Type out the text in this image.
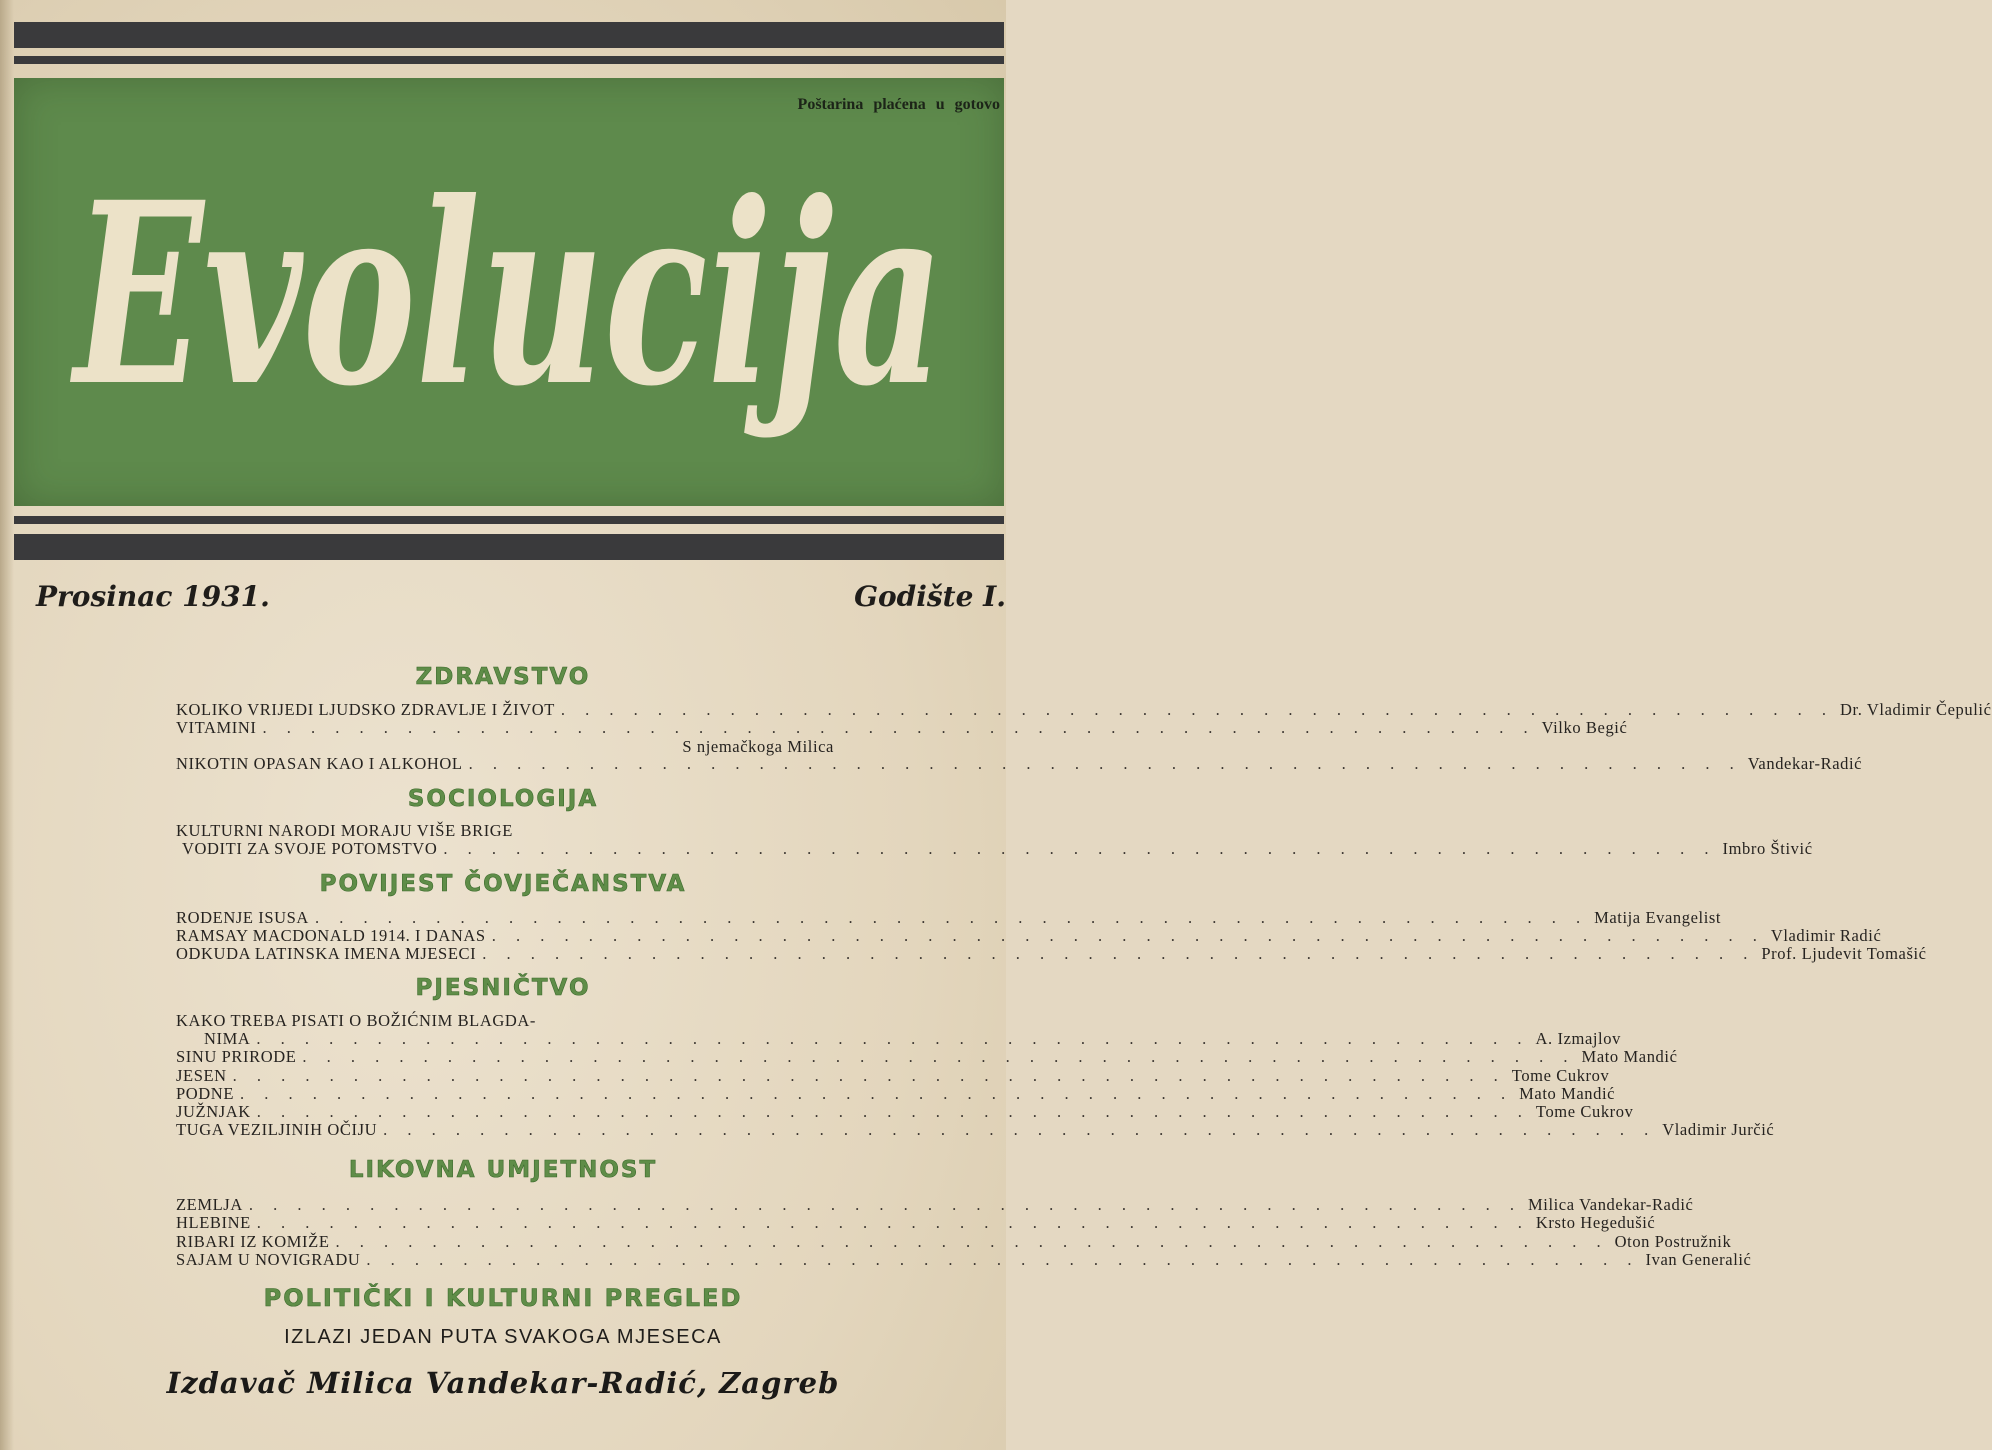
Poštarina plaćena u gotovo
Evolucija
Prosinac 1931.	Godište I.
ZDRAVSTVO
KOLIKO VRIJEDI LJUDSKO ZDRAVLJE I ŽIVOT . . .	Dr. Vladimir Čepulić
VITAMINI . . .	Vilko Begić
S njemačkoga Milica
NIKOTIN OPASAN KAO I ALKOHOL . . .	Vandekar-Radić
SOCIOLOGIJA
KULTURNI NARODI MORAJU VIŠE BRIGE
VODITI ZA SVOJE POTOMSTVO . . .	Imbro Štivić
POVIJEST ČOVJEČANSTVA
RODENJE ISUSA . . .	Matija Evangelist
RAMSAY MACDONALD 1914. I DANAS . . .	Vladimir Radić
ODKUDA LATINSKA IMENA MJESECI . . .	Prof. Ljudevit Tomašić
PJESNIČTVO
KAKO TREBA PISATI O BOŽIĆNIM BLAGDA-
NIMA . . .	A. Izmajlov
SINU PRIRODE . . .	Mato Mandić
JESEN . . .	Tome Cukrov
PODNE . . .	Mato Mandić
JUŽNJAK . . .	Tome Cukrov
TUGA VEZILJINIH OČIJU . . .	Vladimir Jurčić
LIKOVNA UMJETNOST
ZEMLJA . . .	Milica Vandekar-Radić
HLEBINE . . .	Krsto Hegedušić
RIBARI IZ KOMIŽE . . .	Oton Postružnik
SAJAM U NOVIGRADU . . .	Ivan Generalić
POLITIČKI I KULTURNI PREGLED
IZLAZI JEDAN PUTA SVAKOGA MJESECA
Izdavač Milica Vandekar-Radić, Zagreb
